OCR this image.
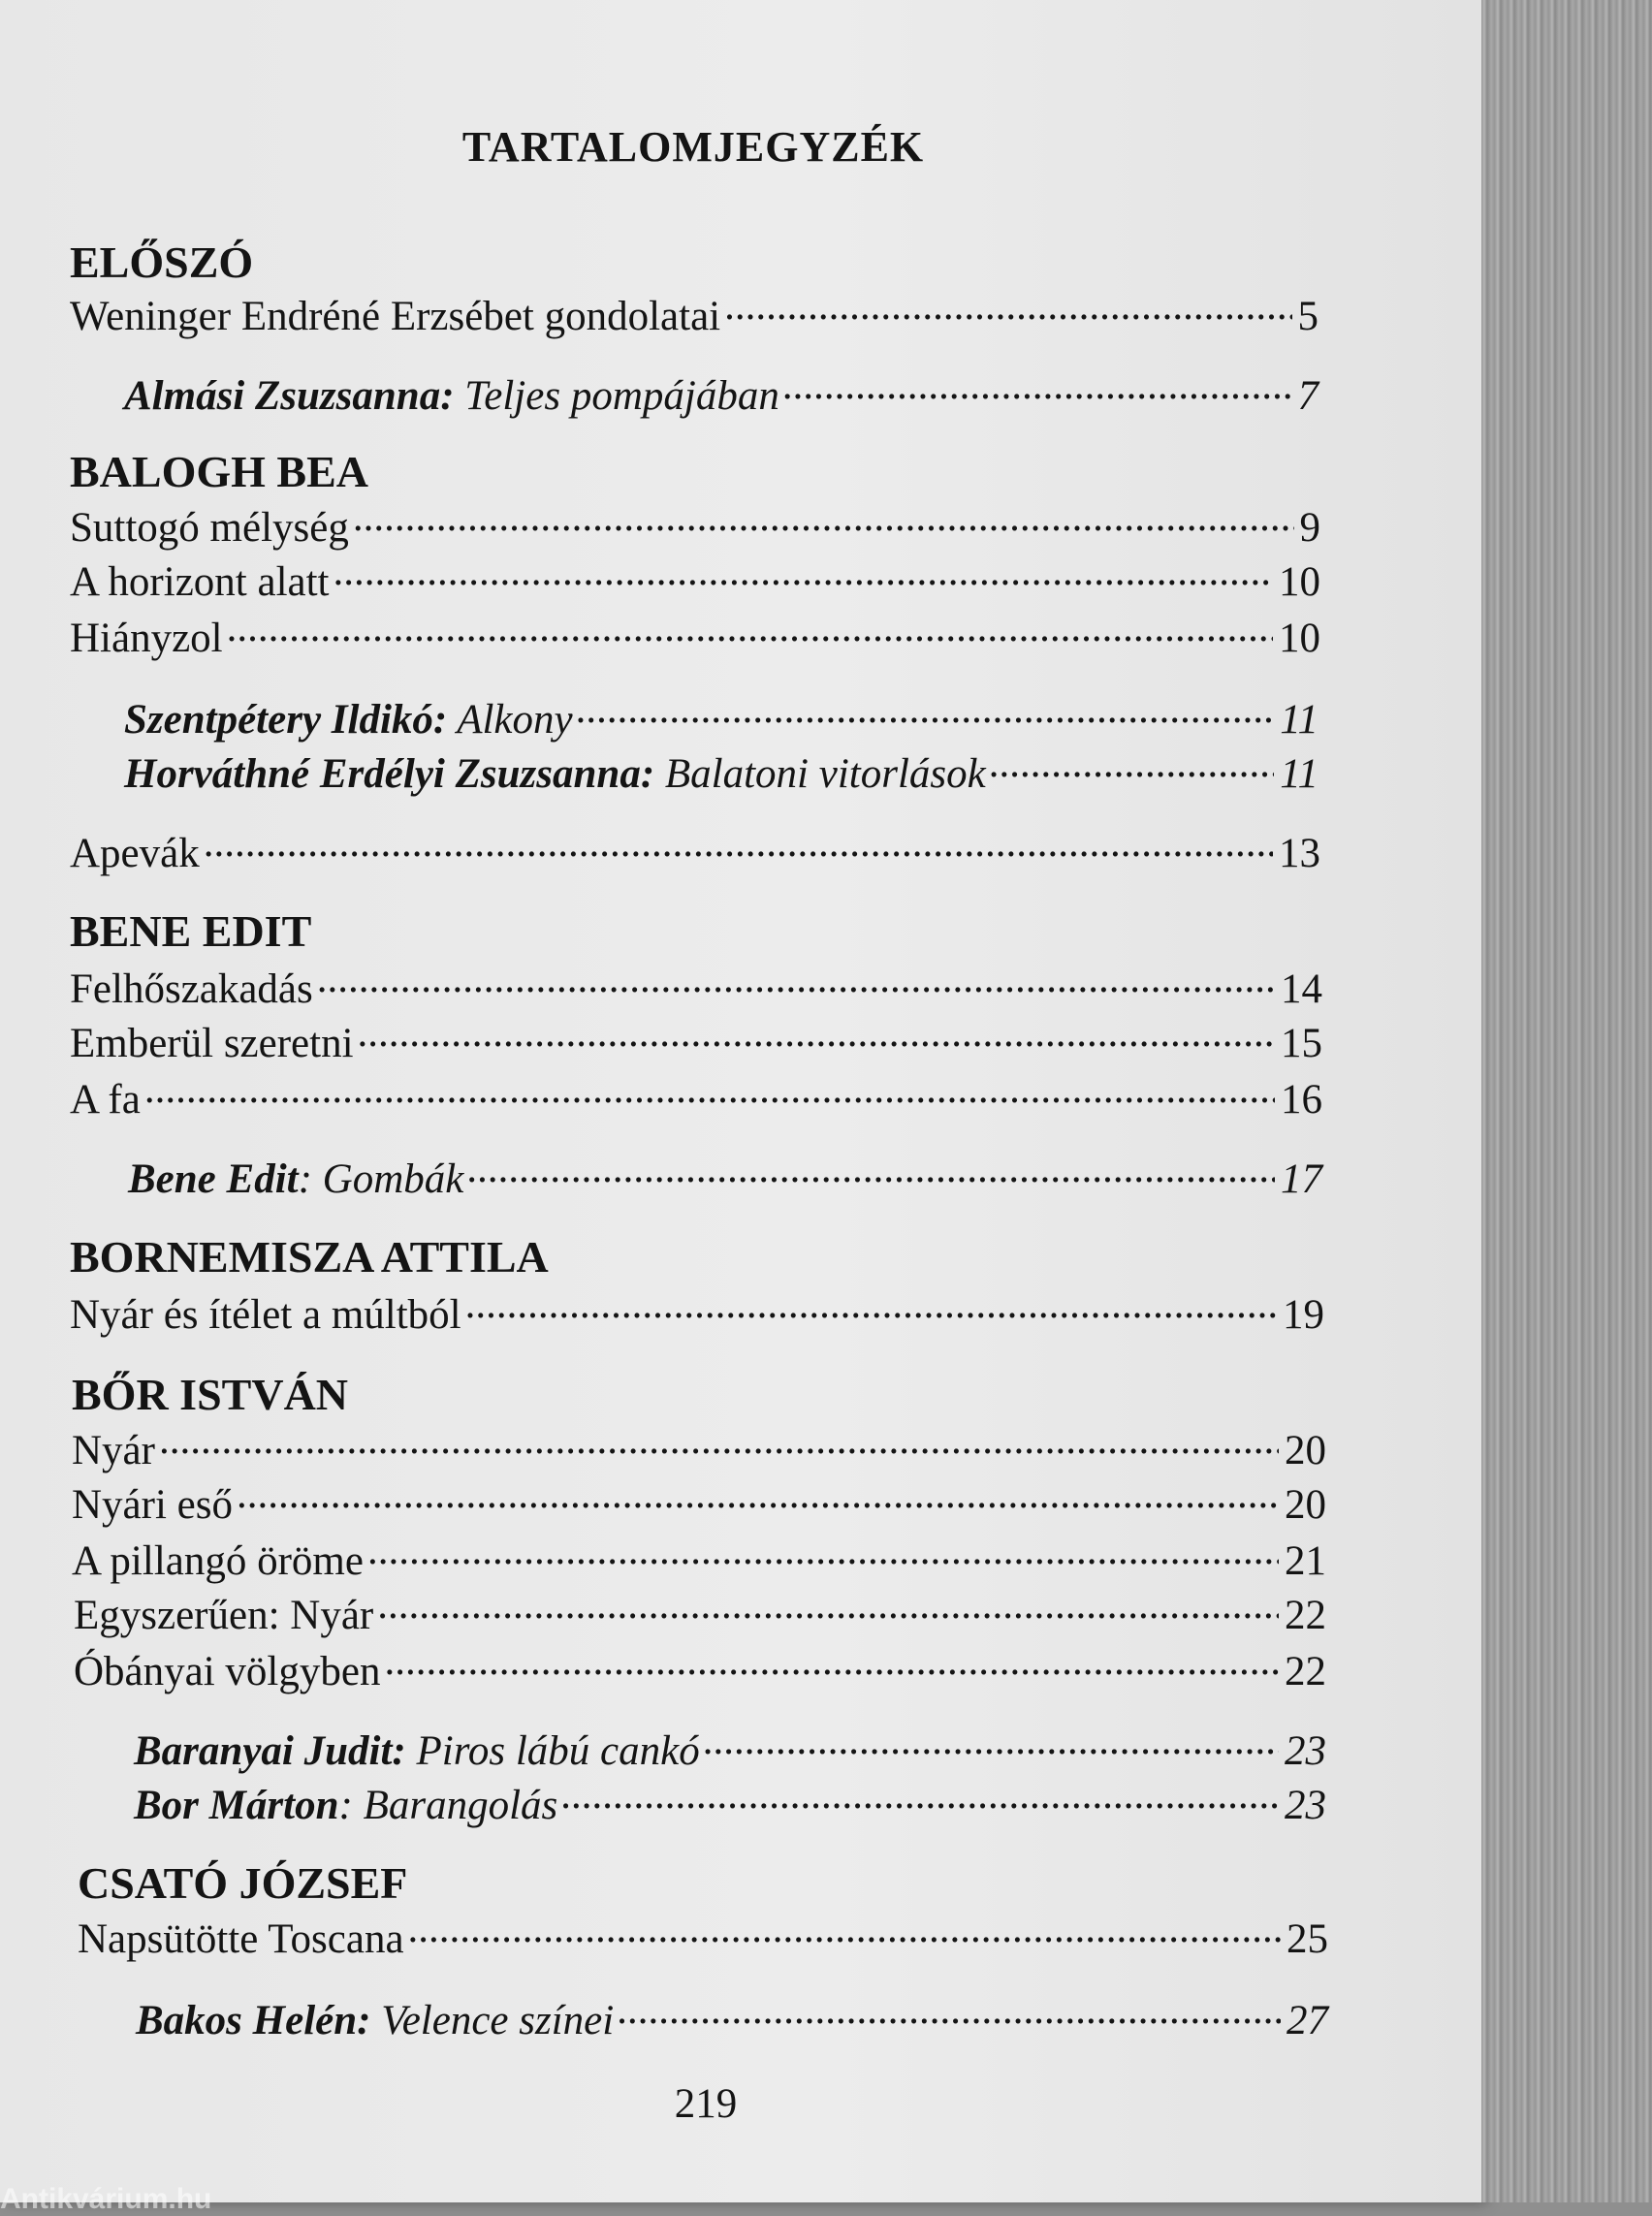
TARTALOMJEGYZÉK
ELŐSZÓ
Weninger Endréné Erzsébet gondolatai .....	5
Almási Zsuzsanna: Teljes pompájában .....	7
BALOGH BEA
Suttogó mélység .....	9
A horizont alatt .....	10
Hiányzol .....	10
Szentpétery Ildikó: Alkony .....	11
Horváthné Erdélyi Zsuzsanna: Balatoni vitorlások .....	11
Apevák .....	13
BENE EDIT
Felhőszakadás .....	14
Emberül szeretni .....	15
A fa .....	16
Bene Edit: Gombák .....	17
BORNEMISZA ATTILA
Nyár és ítélet a múltból .....	19
BŐR ISTVÁN
Nyár .....	20
Nyári eső .....	20
A pillangó öröme .....	21
Egyszerűen: Nyár .....	22
Óbányai völgyben .....	22
Baranyai Judit: Piros lábú cankó .....	23
Bor Márton: Barangolás .....	23
CSATÓ JÓZSEF
Napsütötte Toscana .....	25
Bakos Helén: Velence színei .....	27
219
Antikvárium.hu
